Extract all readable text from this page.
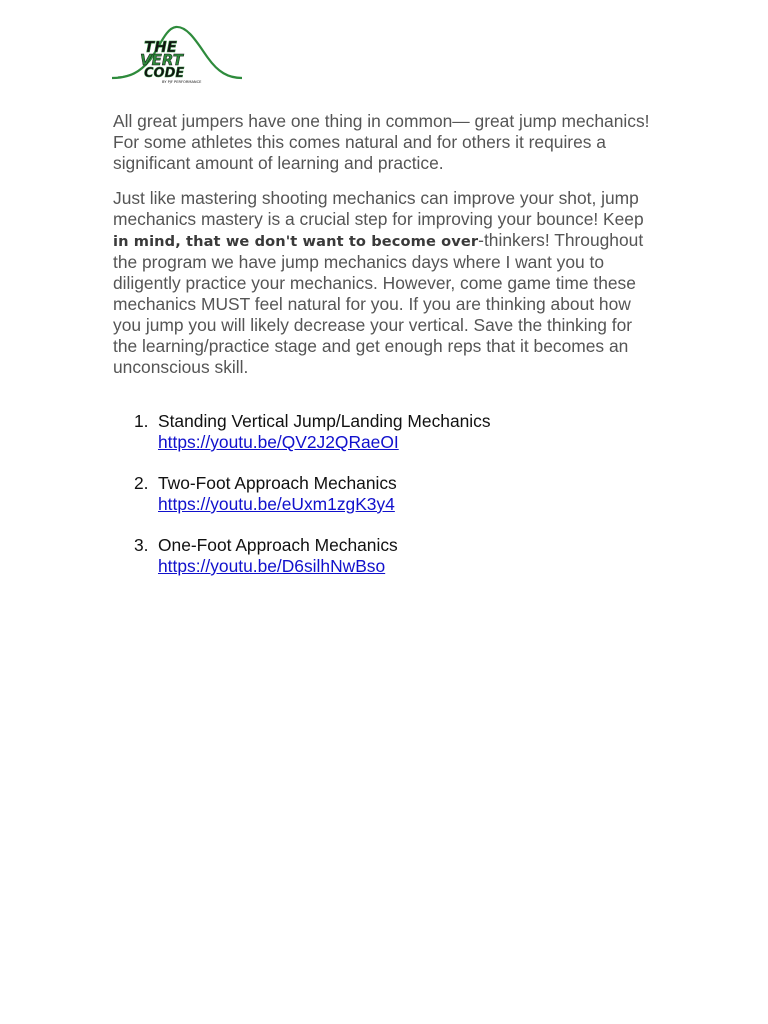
THE
VERT
CODE
BY PJF PERFORMANCE

All great jumpers have one thing in common— great jump mechanics! For some athletes this comes natural and for others it requires a significant amount of learning and practice.

Just like mastering shooting mechanics can improve your shot, jump mechanics mastery is a crucial step for improving your bounce! Keep in mind, that we don't want to become over-thinkers! Throughout the program we have jump mechanics days where I want you to diligently practice your mechanics. However, come game time these mechanics MUST feel natural for you. If you are thinking about how you jump you will likely decrease your vertical. Save the thinking for the learning/practice stage and get enough reps that it becomes an unconscious skill.

1. Standing Vertical Jump/Landing Mechanics
https://youtu.be/QV2J2QRaeOI
2. Two-Foot Approach Mechanics
https://youtu.be/eUxm1zgK3y4
3. One-Foot Approach Mechanics
https://youtu.be/D6silhNwBso
